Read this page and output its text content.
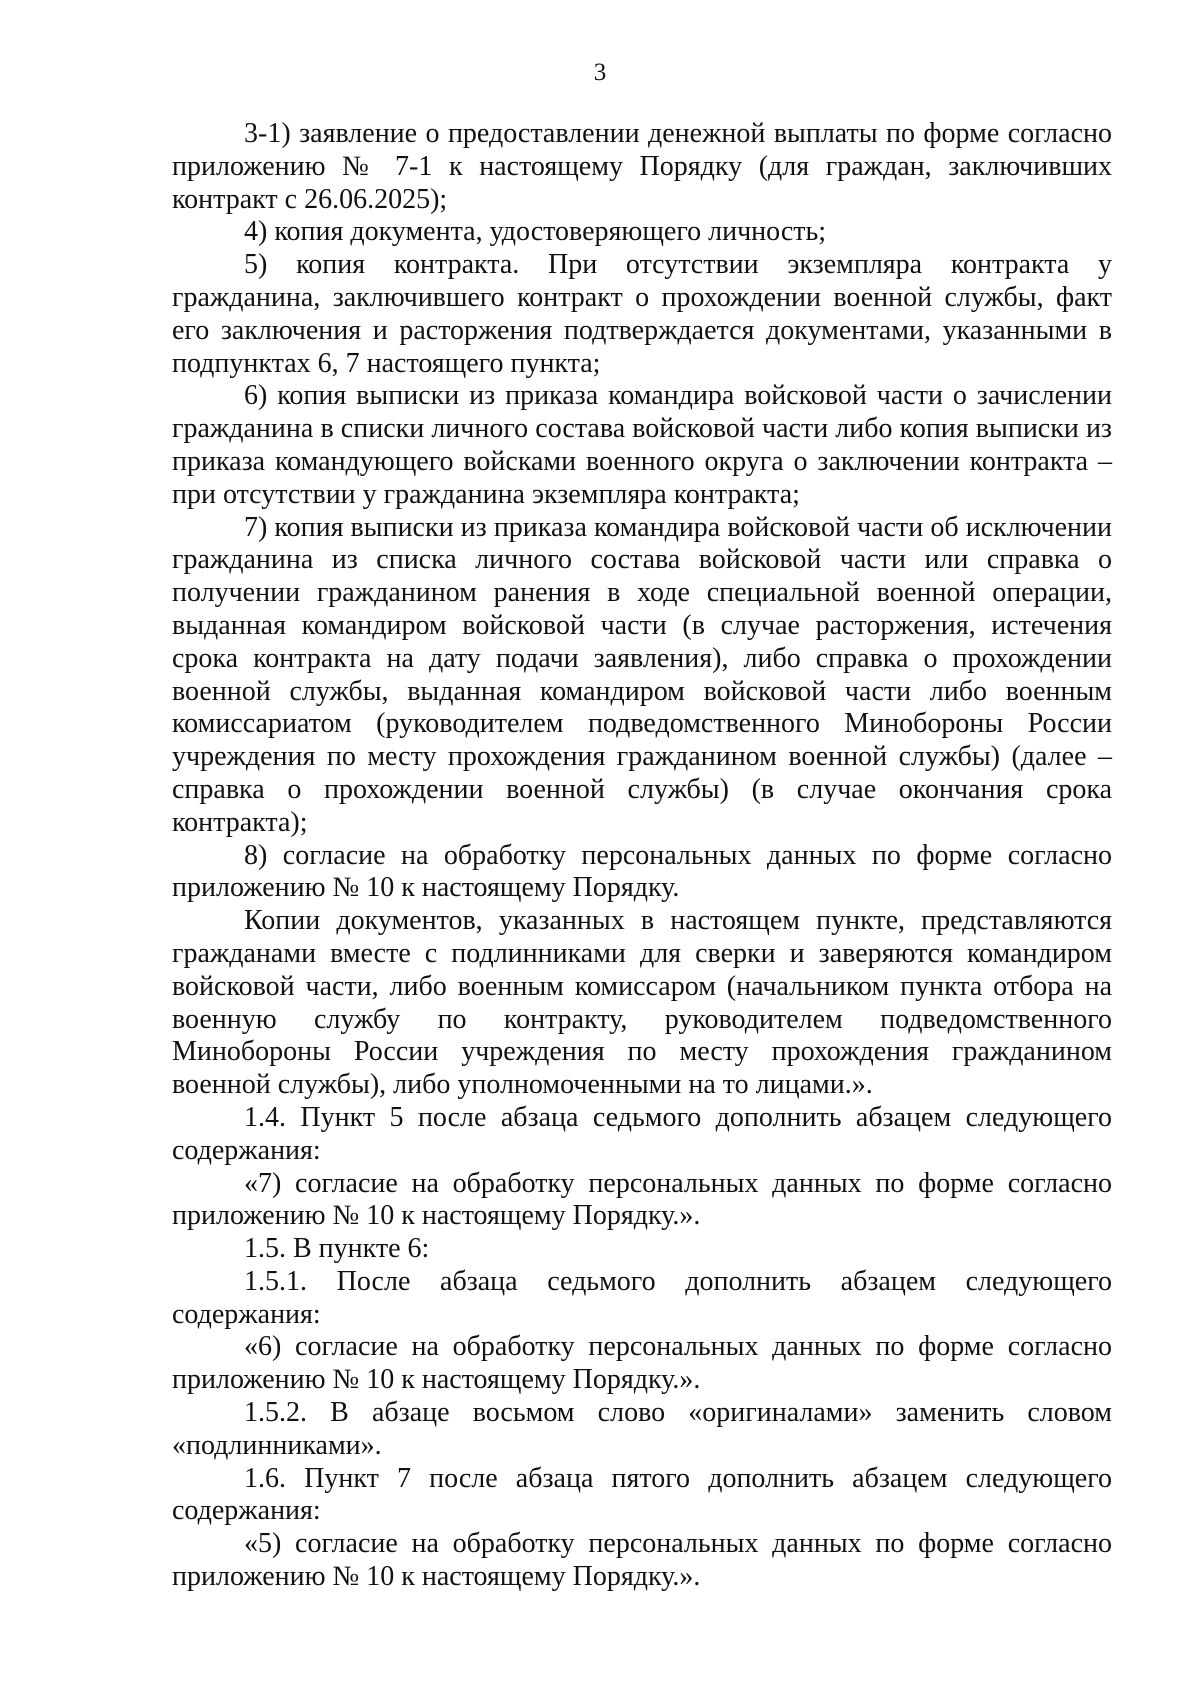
3

3-1) заявление о предоставлении денежной выплаты по форме согласно приложению № 7-1 к настоящему Порядку (для граждан, заключивших контракт с 26.06.2025);

4) копия документа, удостоверяющего личность;

5) копия контракта. При отсутствии экземпляра контракта у гражданина, заключившего контракт о прохождении военной службы, факт его заключения и расторжения подтверждается документами, указанными в подпунктах 6, 7 настоящего пункта;

6) копия выписки из приказа командира войсковой части о зачислении гражданина в списки личного состава войсковой части либо копия выписки из приказа командующего войсками военного округа о заключении контракта – при отсутствии у гражданина экземпляра контракта;

7) копия выписки из приказа командира войсковой части об исключении гражданина из списка личного состава войсковой части или справка о получении гражданином ранения в ходе специальной военной операции, выданная командиром войсковой части (в случае расторжения, истечения срока контракта на дату подачи заявления), либо справка о прохождении военной службы, выданная командиром войсковой части либо военным комиссариатом (руководителем подведомственного Минобороны России учреждения по месту прохождения гражданином военной службы) (далее – справка о прохождении военной службы) (в случае окончания срока контракта);

8) согласие на обработку персональных данных по форме согласно приложению № 10 к настоящему Порядку.

Копии документов, указанных в настоящем пункте, представляются гражданами вместе с подлинниками для сверки и заверяются командиром войсковой части, либо военным комиссаром (начальником пункта отбора на военную службу по контракту, руководителем подведомственного Минобороны России учреждения по месту прохождения гражданином военной службы), либо уполномоченными на то лицами.».

1.4. Пункт 5 после абзаца седьмого дополнить абзацем следующего содержания:

«7) согласие на обработку персональных данных по форме согласно приложению № 10 к настоящему Порядку.».

1.5. В пункте 6:

1.5.1. После абзаца седьмого дополнить абзацем следующего содержания:

«6) согласие на обработку персональных данных по форме согласно приложению № 10 к настоящему Порядку.».

1.5.2. В абзаце восьмом слово «оригиналами» заменить словом «подлинниками».

1.6. Пункт 7 после абзаца пятого дополнить абзацем следующего содержания:

«5) согласие на обработку персональных данных по форме согласно приложению № 10 к настоящему Порядку.».
